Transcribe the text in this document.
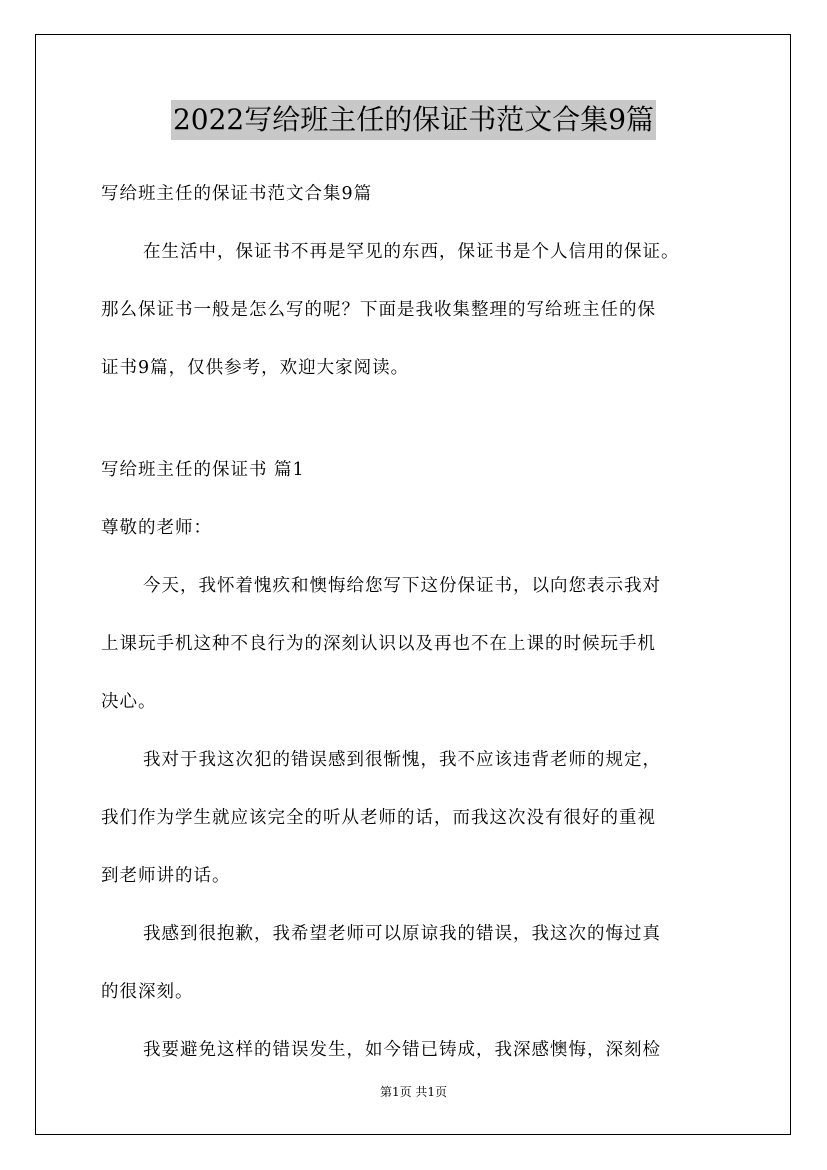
2022写给班主任的保证书范文合集9篇
写给班主任的保证书范文合集9篇
在生活中，保证书不再是罕见的东西，保证书是个人信用的保证。
那么保证书一般是怎么写的呢？下面是我收集整理的写给班主任的保
证书9篇，仅供参考，欢迎大家阅读。
写给班主任的保证书 篇1
尊敬的老师：
今天，我怀着愧疚和懊悔给您写下这份保证书，以向您表示我对
上课玩手机这种不良行为的深刻认识以及再也不在上课的时候玩手机
决心。
我对于我这次犯的错误感到很惭愧，我不应该违背老师的规定，
我们作为学生就应该完全的听从老师的话，而我这次没有很好的重视
到老师讲的话。
我感到很抱歉，我希望老师可以原谅我的错误，我这次的悔过真
的很深刻。
我要避免这样的错误发生，如今错已铸成，我深感懊悔，深刻检
第1页 共1页
